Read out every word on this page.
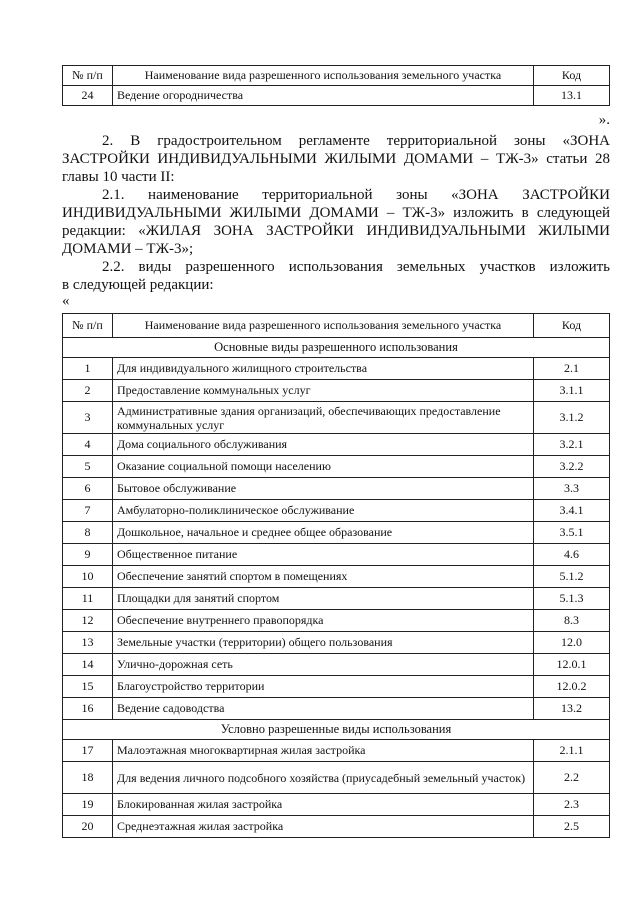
№ п/п	Наименование вида разрешенного использования земельного участка	Код
24	Ведение огородничества	13.1

».

2. В градостроительном регламенте территориальной зоны «ЗОНА

ЗАСТРОЙКИ ИНДИВИДУАЛЬНЫМИ ЖИЛЫМИ ДОМАМИ – ТЖ-3» статьи 28

главы 10 части II:

2.1. наименование территориальной зоны «ЗОНА ЗАСТРОЙКИ

ИНДИВИДУАЛЬНЫМИ ЖИЛЫМИ ДОМАМИ – ТЖ-3» изложить в следующей

редакции: «ЖИЛАЯ ЗОНА ЗАСТРОЙКИ ИНДИВИДУАЛЬНЫМИ ЖИЛЫМИ

ДОМАМИ – ТЖ-3»;

2.2. виды разрешенного использования земельных участков изложить

в следующей редакции:

«

№ п/п	Наименование вида разрешенного использования земельного участка	Код
Основные виды разрешенного использования		
1	Для индивидуального жилищного строительства	2.1
2	Предоставление коммунальных услуг	3.1.1
3	Административные здания организаций, обеспечивающих предоставление коммунальных услуг	3.1.2
4	Дома социального обслуживания	3.2.1
5	Оказание социальной помощи населению	3.2.2
6	Бытовое обслуживание	3.3
7	Амбулаторно-поликлиническое обслуживание	3.4.1
8	Дошкольное, начальное и среднее общее образование	3.5.1
9	Общественное питание	4.6
10	Обеспечение занятий спортом в помещениях	5.1.2
11	Площадки для занятий спортом	5.1.3
12	Обеспечение внутреннего правопорядка	8.3
13	Земельные участки (территории) общего пользования	12.0
14	Улично-дорожная сеть	12.0.1
15	Благоустройство территории	12.0.2
16	Ведение садоводства	13.2
Условно разрешенные виды использования		
17	Малоэтажная многоквартирная жилая застройка	2.1.1
18	Для ведения личного подсобного хозяйства (приусадебный земельный участок)	2.2
19	Блокированная жилая застройка	2.3
20	Среднеэтажная жилая застройка	2.5
